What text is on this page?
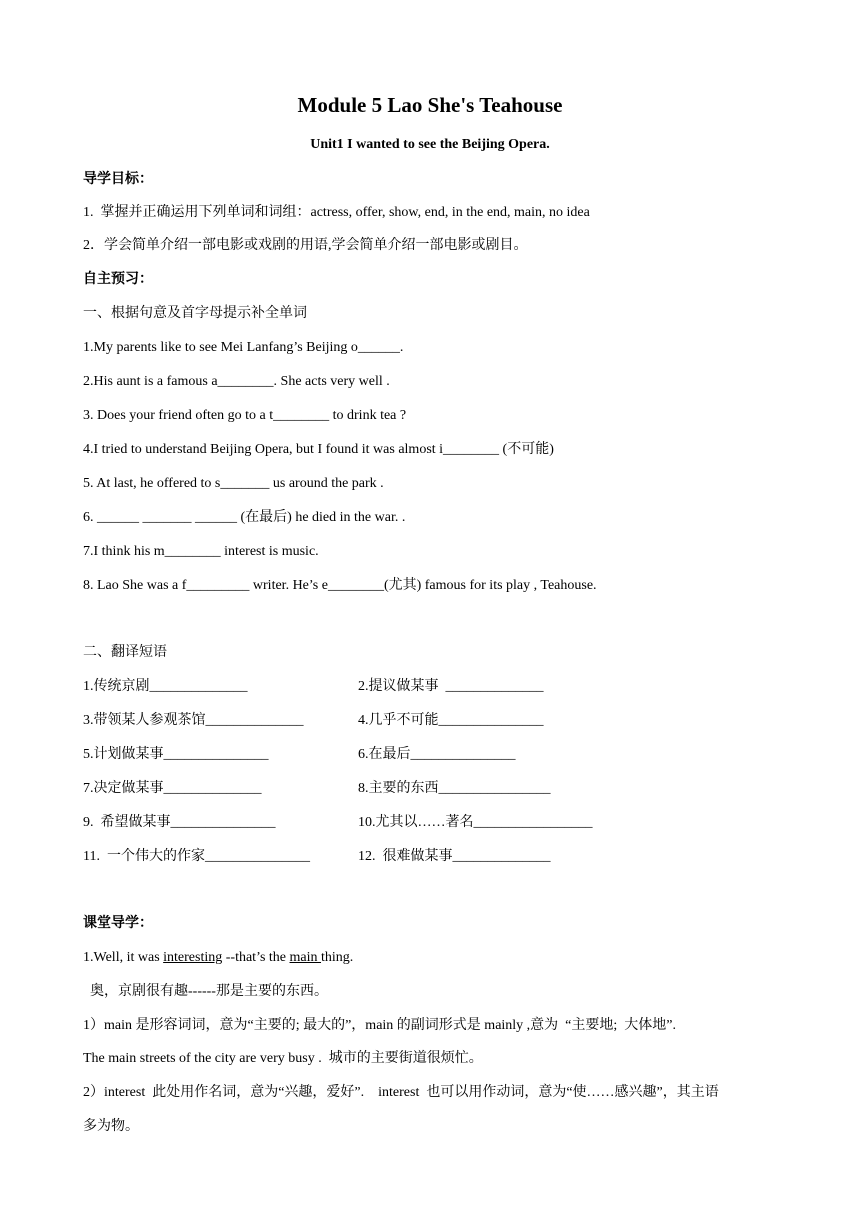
Module 5 Lao She's Teahouse
Unit1 I wanted to see the Beijing Opera.
导学目标：
1.  掌握并正确运用下列单词和词组：actress, offer, show, end, in the end, main, no idea
2．学会简单介绍一部电影或戏剧的用语,学会简单介绍一部电影或剧目。
自主预习：
一、根据句意及首字母提示补全单词
1.My parents like to see Mei Lanfang’s Beijing o______.
2.His aunt is a famous a________. She acts very well .
3. Does your friend often go to a t________ to drink tea ?
4.I tried to understand Beijing Opera, but I found it was almost i________ (不可能)
5. At last, he offered to s_______ us around the park .
6. ______ _______ ______ (在最后) he died in the war. .
7.I think his m________ interest is music.
8. Lao She was a f_________ writer. He’s e________(尤其) famous for its play , Teahouse.
二、翻译短语
1.传统京剧______________	2.提议做某事  ______________
3.带领某人参观茶馆______________	4.几乎不可能_______________
5.计划做某事_______________	6.在最后_______________
7.决定做某事______________	8.主要的东西________________
9.  希望做某事_______________	10.尤其以……著名_________________
11.  一个伟大的作家_______________	12.  很难做某事______________
课堂导学：
1.Well, it was interesting --that’s the main thing.
奥，京剧很有趣------那是主要的东西。
1）main 是形容词词，意为“主要的; 最大的”，main 的副词形式是 mainly ,意为  “主要地;  大体地”.
The main streets of the city are very busy .  城市的主要街道很烦忙。
2）interest  此处用作名词，意为“兴趣，爱好”.    interest  也可以用作动词，意为“使……感兴趣”，其主语
多为物。
